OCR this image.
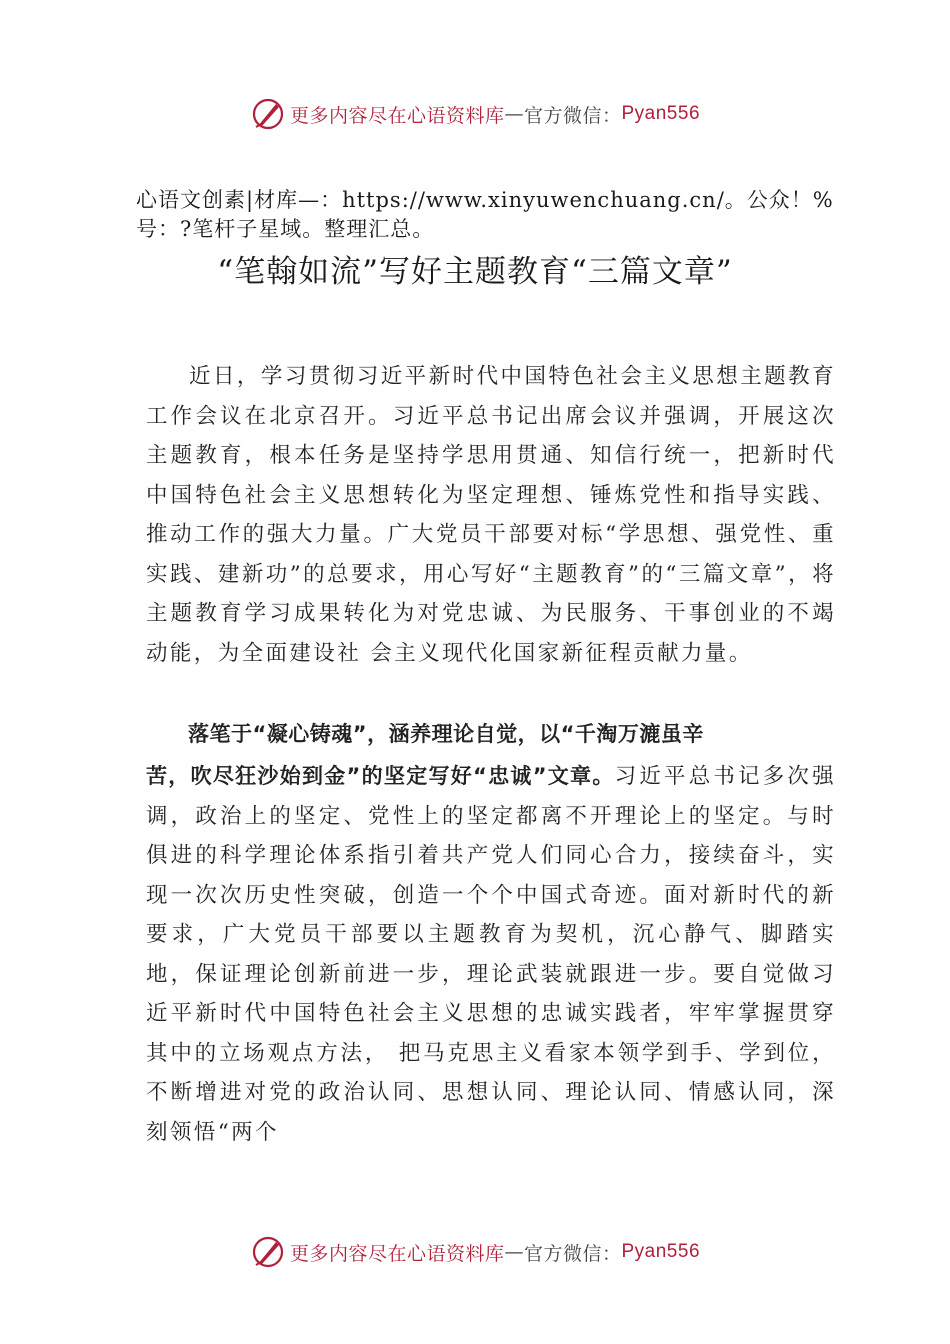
更多内容尽在心语资料库 — 官方微信： Pyan556
心语文创素|材库—：https://www.xinyuwenchuang.cn/。公众！%号：?笔杆子星域。整理汇总。
“笔翰如流”写好主题教育“三篇文章”

近日，学习贯彻习近平新时代中国特色社会主义思想主题教育工作会议在北京召开。习近平总书记出席会议并强调，开展这次主题教育，根本任务是坚持学思用贯通、知信行统一，把新时代中国特色社会主义思想转化为坚定理想、锤炼党性和指导实践、推动工作的强大力量。广大党员干部要对标“学思想、强党性、重实践、建新功”的总要求，用心写好“主题教育”的“三篇文章”，将主题教育学习成果转化为对党忠诚、为民服务、干事创业的不竭动能，为全面建设社 会主义现代化国家新征程贡献力量。

落笔于“凝心铸魂”，涵养理论自觉，以“千淘万漉虽辛
苦，吹尽狂沙始到金”的坚定写好“忠诚”文章。习近平总书记多次强调，政治上的坚定、党性上的坚定都离不开理论上的坚定。与时俱进的科学理论体系指引着共产党人们同心合力，接续奋斗，实现一次次历史性突破，创造一个个中国式奇迹。面对新时代的新要求，广大党员干部要以主题教育为契机，沉心静气、脚踏实地，保证理论创新前进一步，理论武装就跟进一步。要自觉做习近平新时代中国特色社会主义思想的忠诚实践者，牢牢掌握贯穿其中的立场观点方法， 把马克思主义看家本领学到手、学到位，不断增进对党的政治认同、思想认同、理论认同、情感认同，深刻领悟“两个

更多内容尽在心语资料库 — 官方微信： Pyan556
